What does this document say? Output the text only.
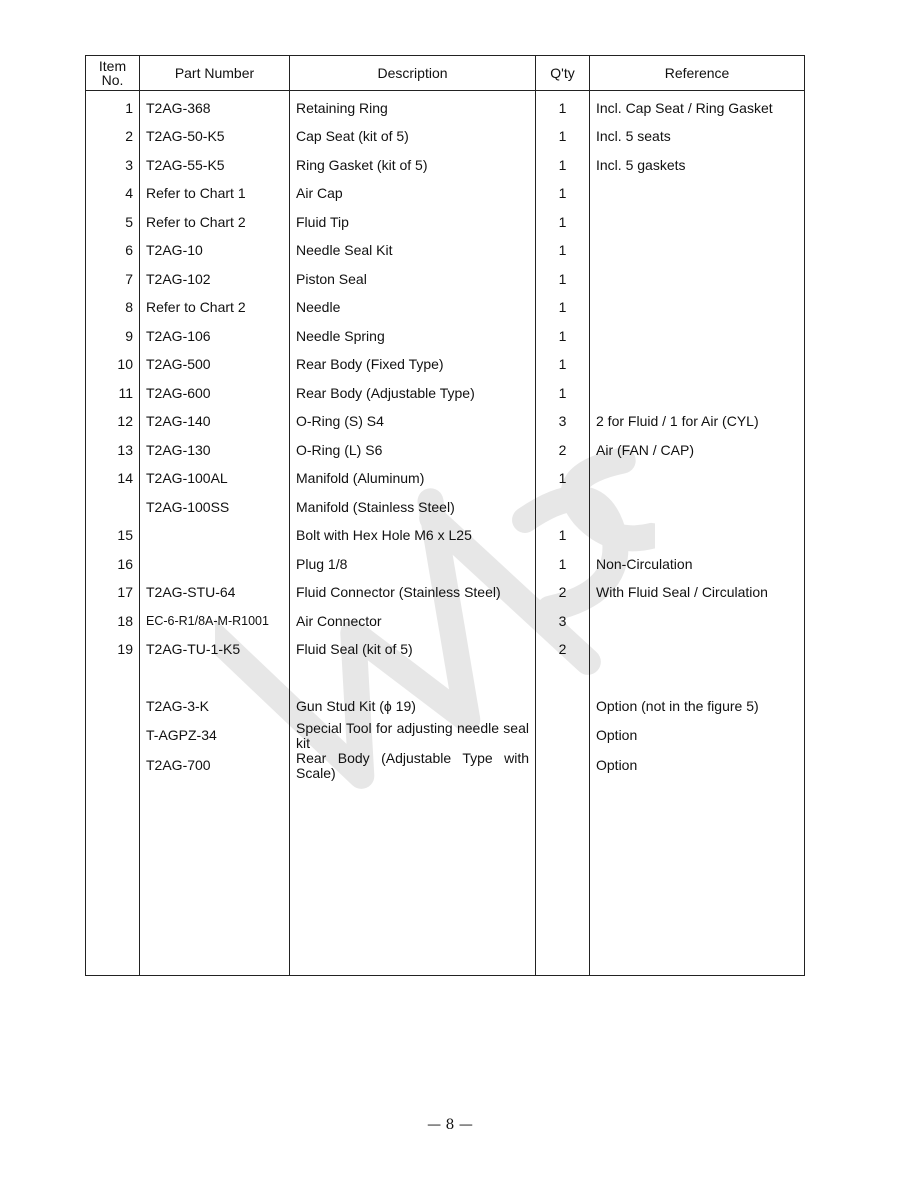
Item
No.	Part Number	Description	Q'ty	Reference
1	T2AG-368	Retaining Ring	1	Incl. Cap Seat / Ring Gasket
2	T2AG-50-K5	Cap Seat (kit of 5)	1	Incl. 5 seats
3	T2AG-55-K5	Ring Gasket (kit of 5)	1	Incl. 5 gaskets
4	Refer to Chart 1	Air Cap	1	
5	Refer to Chart 2	Fluid Tip	1	
6	T2AG-10	Needle Seal Kit	1	
7	T2AG-102	Piston Seal	1	
8	Refer to Chart 2	Needle	1	
9	T2AG-106	Needle Spring	1	
10	T2AG-500	Rear Body (Fixed Type)	1	
11	T2AG-600	Rear Body (Adjustable Type)	1	
12	T2AG-140	O-Ring (S) S4	3	2 for Fluid / 1 for Air (CYL)
13	T2AG-130	O-Ring (L) S6	2	Air (FAN / CAP)
14	T2AG-100AL	Manifold (Aluminum)	1	
	T2AG-100SS	Manifold (Stainless Steel)		
15		Bolt with Hex Hole M6 x L25	1	
16		Plug 1/8	1	Non-Circulation
17	T2AG-STU-64	Fluid Connector (Stainless Steel)	2	With Fluid Seal / Circulation
18	EC-6-R1/8A-M-R1001	Air Connector	3	
19	T2AG-TU-1-K5	Fluid Seal (kit of 5)	2	

	T2AG-3-K	Gun Stud Kit (ϕ 19)		Option (not in the figure 5)
	T-AGPZ-34	Special Tool for adjusting needle seal kit		Option
	T2AG-700	Rear Body (Adjustable Type with Scale)		Option

— 8 —
